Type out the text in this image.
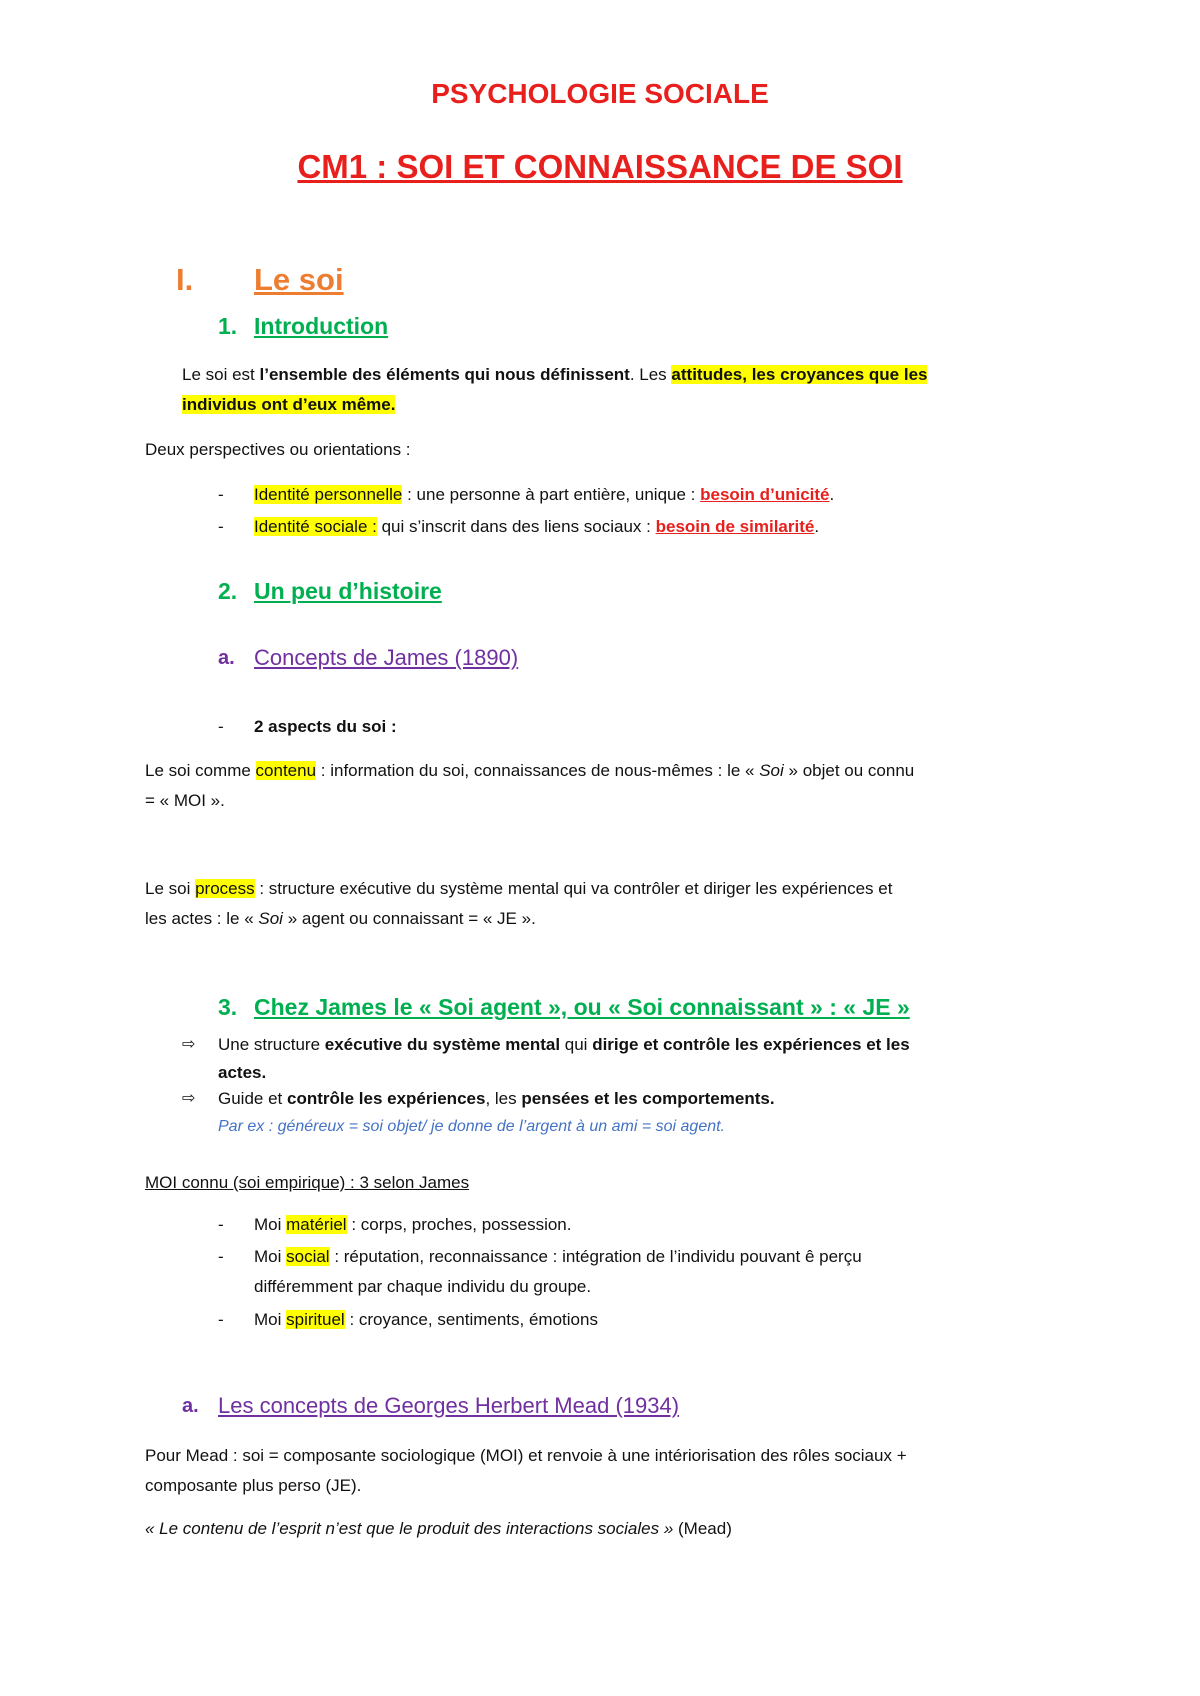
PSYCHOLOGIE SOCIALE
CM1 : SOI ET CONNAISSANCE DE SOI
I. Le soi
1. Introduction
Le soi est l’ensemble des éléments qui nous définissent. Les attitudes, les croyances que les
individus ont d’eux même.
Deux perspectives ou orientations :
- Identité personnelle : une personne à part entière, unique : besoin d’unicité.
- Identité sociale : qui s’inscrit dans des liens sociaux : besoin de similarité.
2. Un peu d’histoire
a. Concepts de James (1890)
- 2 aspects du soi :
Le soi comme contenu : information du soi, connaissances de nous-mêmes : le « Soi » objet ou connu
= « MOI ».
Le soi process : structure exécutive du système mental qui va contrôler et diriger les expériences et
les actes : le « Soi » agent ou connaissant = « JE ».
3. Chez James le « Soi agent », ou « Soi connaissant » : « JE »
⇨ Une structure exécutive du système mental qui dirige et contrôle les expériences et les
actes.
⇨ Guide et contrôle les expériences, les pensées et les comportements.
Par ex : généreux = soi objet/ je donne de l’argent à un ami = soi agent.
MOI connu (soi empirique) : 3 selon James
- Moi matériel : corps, proches, possession.
- Moi social : réputation, reconnaissance : intégration de l’individu pouvant ê perçu
différemment par chaque individu du groupe.
- Moi spirituel : croyance, sentiments, émotions
a. Les concepts de Georges Herbert Mead (1934)
Pour Mead : soi = composante sociologique (MOI) et renvoie à une intériorisation des rôles sociaux +
composante plus perso (JE).
« Le contenu de l’esprit n’est que le produit des interactions sociales » (Mead)
